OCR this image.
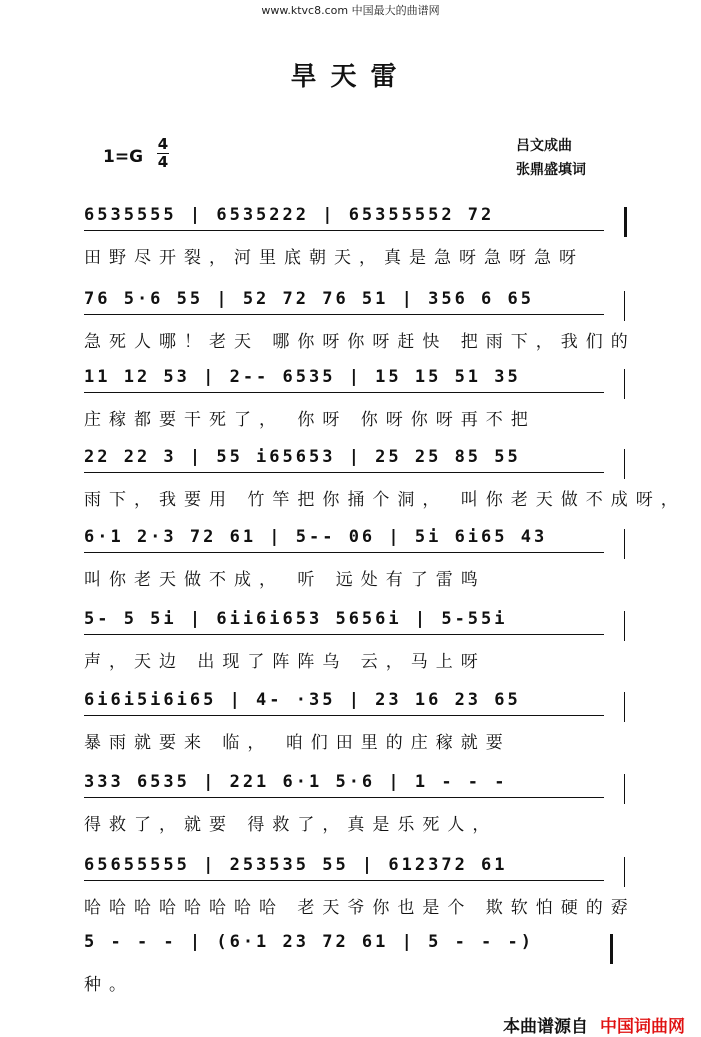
www.ktvc8.com 中国最大的曲谱网
旱天雷
1=G
4
4
吕文成曲
张鼎盛填词
6535555 | 6535222 | 65355552 72
田野尽开裂，河里底朝天，真是急呀急呀急呀
76 5·6 55 | 52 72 76 51 | 356 6 65
急死人哪！老天 哪你呀你呀赶快 把雨下，我们的
11 12 53 | 2-- 6535 | 15 15 51 35
庄稼都要干死了， 你呀 你呀你呀再不把
22 22 3 | 55 i65653 | 25 25 85 55
雨下，我要用 竹竿把你捅个洞， 叫你老天做不成呀，
6·1 2·3 72 61 | 5-- 06 | 5i 6i65 43
叫你老天做不成， 听 远处有了雷鸣
5- 5 5i | 6ii6i653 5656i | 5-55i
声，天边 出现了阵阵乌 云，马上呀
6i6i5i6i65 | 4- ·35 | 23 16 23 65
暴雨就要来 临， 咱们田里的庄稼就要
333 6535 | 221 6·1 5·6 | 1 - - -
得救了，就要 得救了，真是乐死人，
65655555 | 253535 55 | 612372 61
哈哈哈哈哈哈哈哈 老天爷你也是个 欺软怕硬的孬
5 - - - | (6·1 23 72 61 | 5 - - -)
种。
本曲谱源自 中国词曲网
